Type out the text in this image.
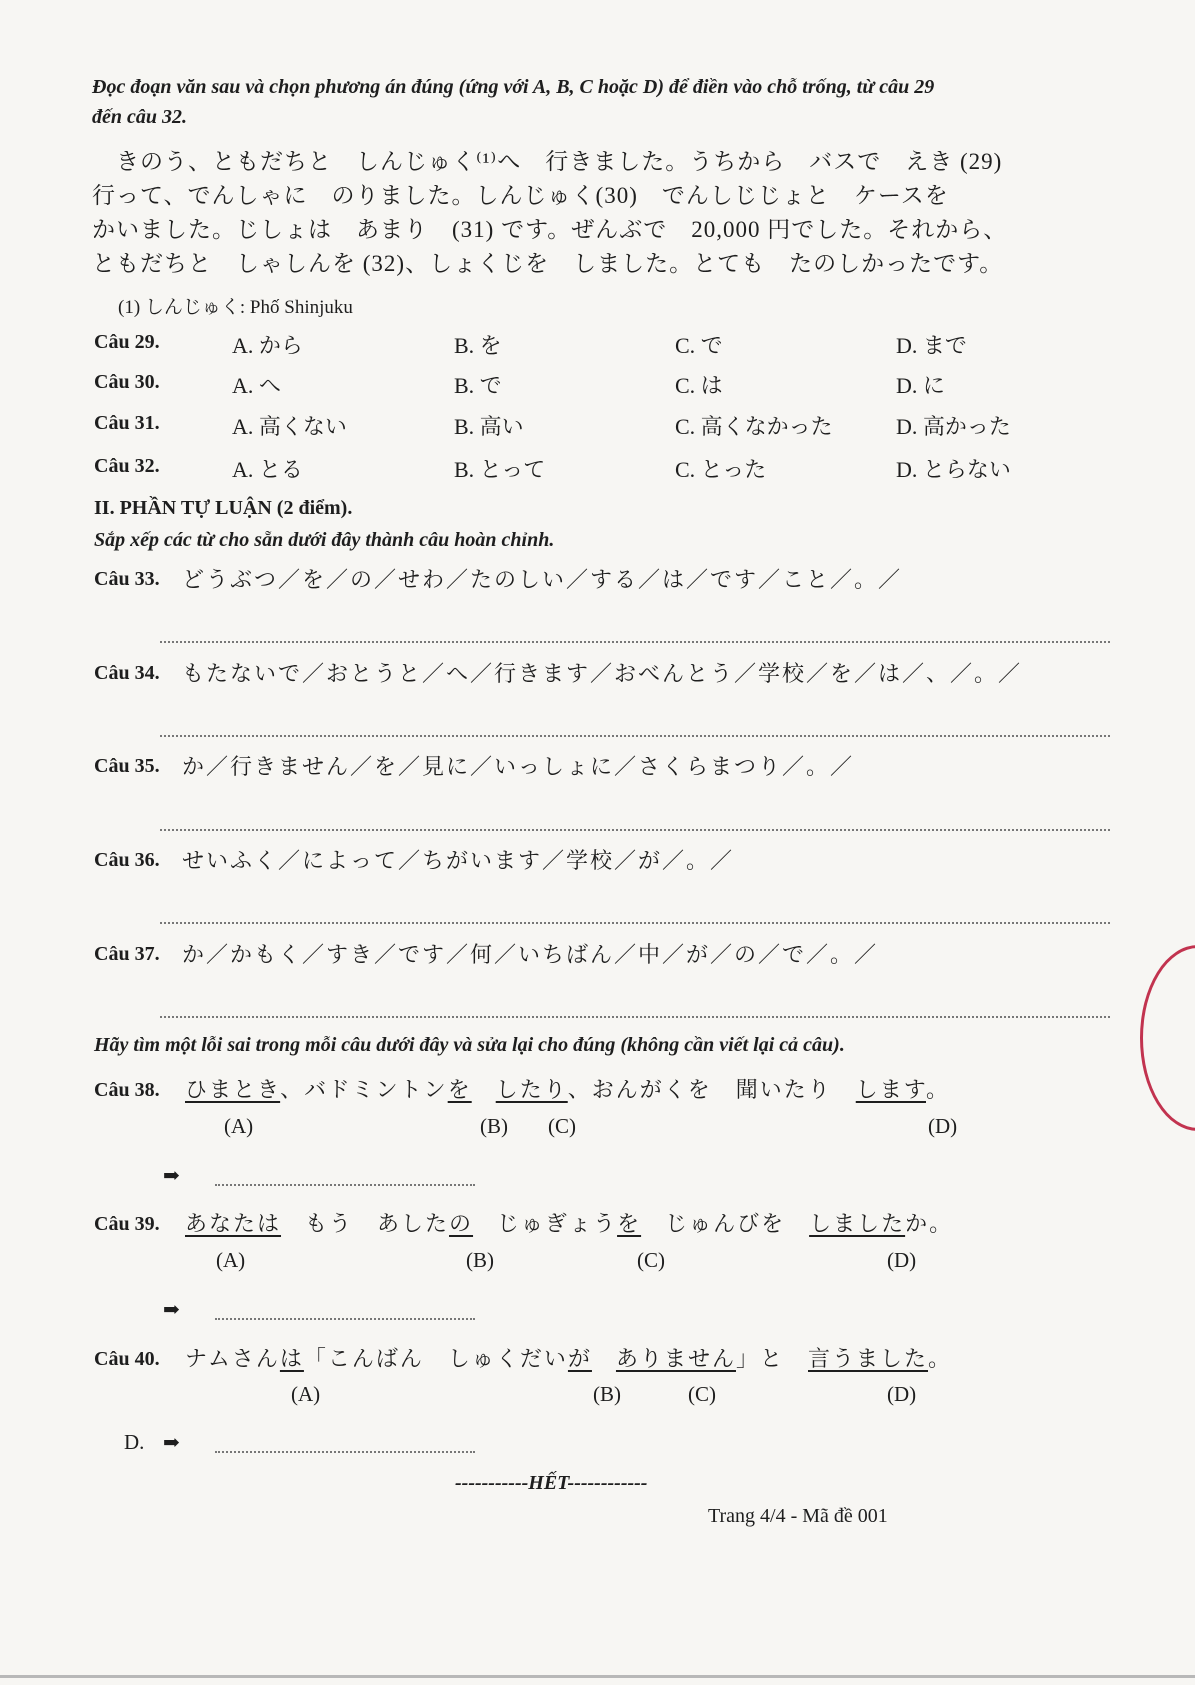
Đọc đoạn văn sau và chọn phương án đúng (ứng với A, B, C hoặc D) để điền vào chỗ trống, từ câu 29
đến câu 32.
　きのう、ともだちと　しんじゅく⁽¹⁾へ　行きました。うちから　バスで　えき (29)
行って、でんしゃに　のりました。しんじゅく(30)　でんしじじょと　ケースを
かいました。じしょは　あまり　(31) です。ぜんぶで　20,000 円でした。それから、
ともだちと　しゃしんを (32)、しょくじを　しました。とても　たのしかったです。
(1) しんじゅく: Phố Shinjuku
Câu 29.	A. から	B. を	C. で	D. まで
Câu 30.	A. へ	B. で	C. は	D. に
Câu 31.	A. 高くない	B. 高い	C. 高くなかった	D. 高かった
Câu 32.	A. とる	B. とって	C. とった	D. とらない
II. PHẦN TỰ LUẬN (2 điểm).
Sắp xếp các từ cho sẵn dưới đây thành câu hoàn chỉnh.
Câu 33. どうぶつ／を／の／せわ／たのしい／する／は／です／こと／。／
Câu 34. もたないで／おとうと／へ／行きます／おべんとう／学校／を／は／、／。／
Câu 35. か／行きません／を／見に／いっしょに／さくらまつり／。／
Câu 36. せいふく／によって／ちがいます／学校／が／。／
Câu 37. か／かもく／すき／です／何／いちばん／中／が／の／で／。／
Hãy tìm một lỗi sai trong mỗi câu dưới đây và sửa lại cho đúng (không cần viết lại cả câu).
Câu 38. ひまとき、バドミントンを　 したり、おんがくを　聞いたり　します。
(A)	(B) (C)	(D)
➡
Câu 39. あなたは　もう　あしたの　じゅぎょうを　じゅんびを　しましたか。
(A)	(B)	(C)	(D)
➡
Câu 40. ナムさんは「こんばん　しゅくだいが　 ありません」と　言うました。
(A)	(B)	(C)	(D)
D. ➡
-----------HẾT------------
Trang 4/4 - Mã đề 001
